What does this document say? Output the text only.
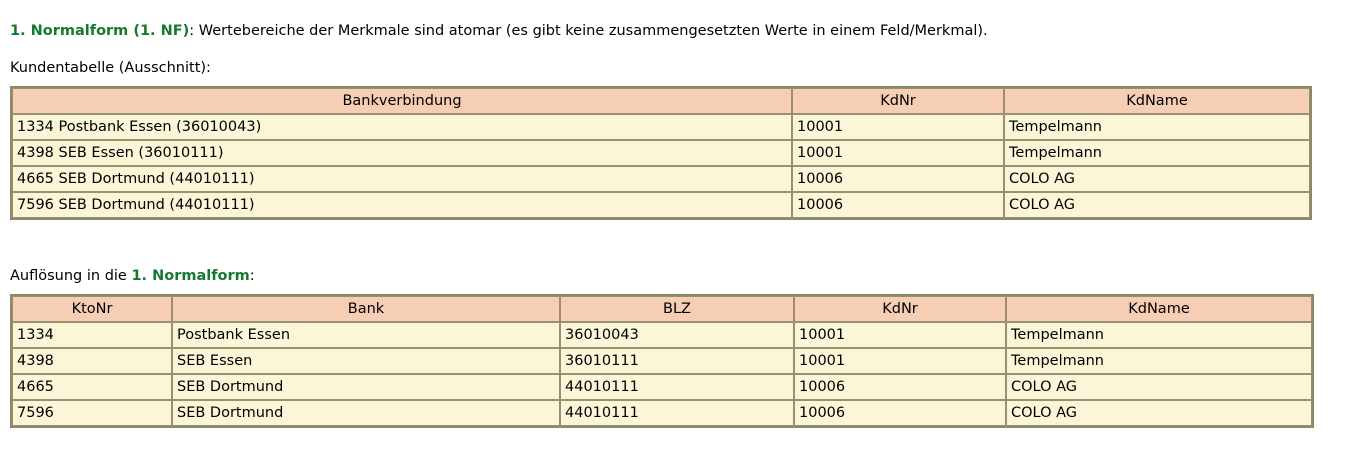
1. Normalform (1. NF): Wertebereiche der Merkmale sind atomar (es gibt keine zusammengesetzten Werte in einem Feld/Merkmal).

Kundentabelle (Ausschnitt):

Bankverbindung	KdNr	KdName
1334 Postbank Essen (36010043)	10001	Tempelmann
4398 SEB Essen (36010111)	10001	Tempelmann
4665 SEB Dortmund (44010111)	10006	COLO AG
7596 SEB Dortmund (44010111)	10006	COLO AG

Auflösung in die 1. Normalform:

KtoNr	Bank	BLZ	KdNr	KdName
1334	Postbank Essen	36010043	10001	Tempelmann
4398	SEB Essen	36010111	10001	Tempelmann
4665	SEB Dortmund	44010111	10006	COLO AG
7596	SEB Dortmund	44010111	10006	COLO AG
